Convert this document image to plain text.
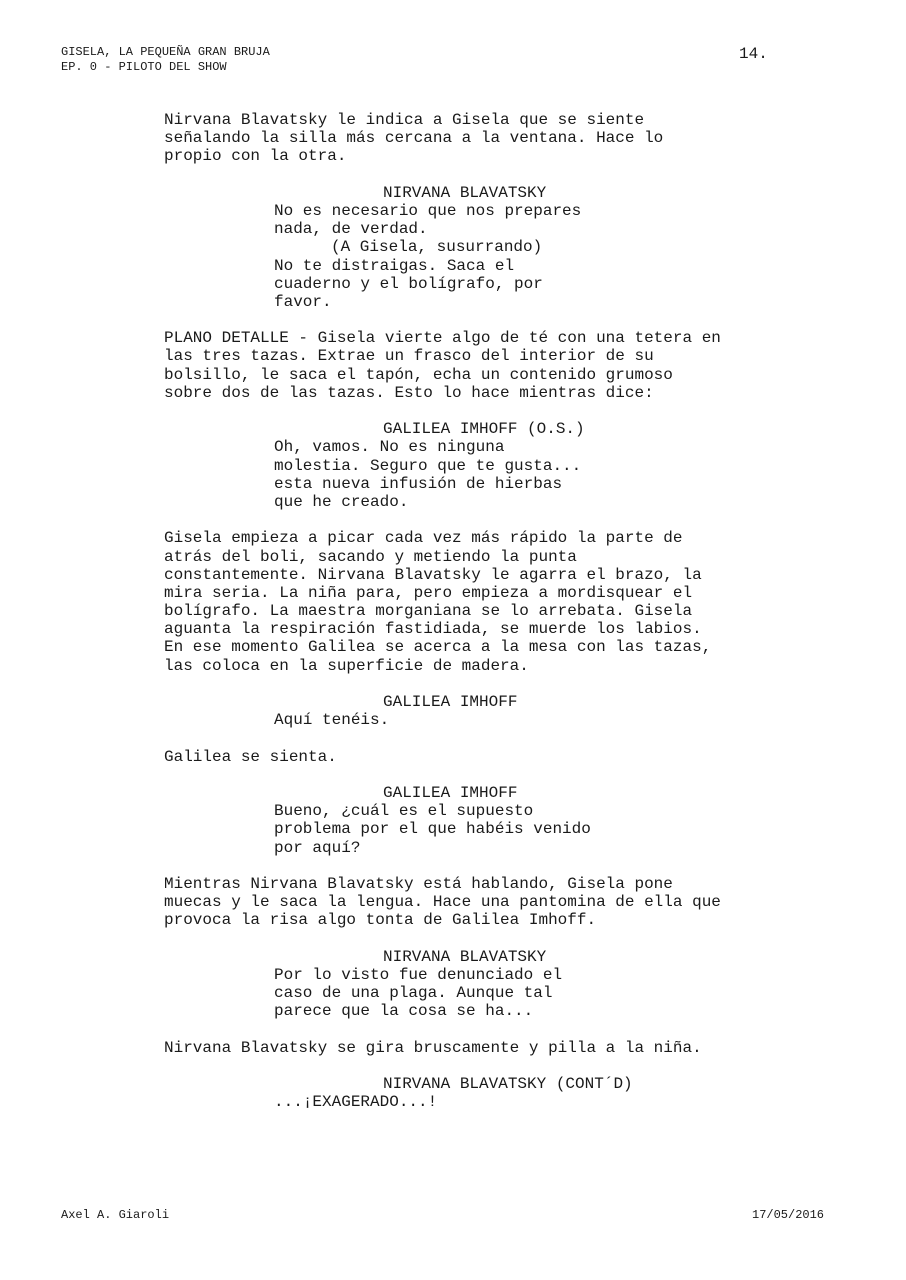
GISELA, LA PEQUEÑA GRAN BRUJA
EP. 0 - PILOTO DEL SHOW
14.
Nirvana Blavatsky le indica a Gisela que se siente
señalando la silla más cercana a la ventana. Hace lo
propio con la otra.
NIRVANA BLAVATSKY
No es necesario que nos prepares
nada, de verdad.
(A Gisela, susurrando)
No te distraigas. Saca el
cuaderno y el bolígrafo, por
favor.
PLANO DETALLE - Gisela vierte algo de té con una tetera en
las tres tazas. Extrae un frasco del interior de su
bolsillo, le saca el tapón, echa un contenido grumoso
sobre dos de las tazas. Esto lo hace mientras dice:
GALILEA IMHOFF (O.S.)
Oh, vamos. No es ninguna
molestia. Seguro que te gusta...
esta nueva infusión de hierbas
que he creado.
Gisela empieza a picar cada vez más rápido la parte de
atrás del boli, sacando y metiendo la punta
constantemente. Nirvana Blavatsky le agarra el brazo, la
mira seria. La niña para, pero empieza a mordisquear el
bolígrafo. La maestra morganiana se lo arrebata. Gisela
aguanta la respiración fastidiada, se muerde los labios.
En ese momento Galilea se acerca a la mesa con las tazas,
las coloca en la superficie de madera.
GALILEA IMHOFF
Aquí tenéis.
Galilea se sienta.
GALILEA IMHOFF
Bueno, ¿cuál es el supuesto
problema por el que habéis venido
por aquí?
Mientras Nirvana Blavatsky está hablando, Gisela pone
muecas y le saca la lengua. Hace una pantomina de ella que
provoca la risa algo tonta de Galilea Imhoff.
NIRVANA BLAVATSKY
Por lo visto fue denunciado el
caso de una plaga. Aunque tal
parece que la cosa se ha...
Nirvana Blavatsky se gira bruscamente y pilla a la niña.
NIRVANA BLAVATSKY (CONT´D)
...¡EXAGERADO...!
Axel A. Giaroli	17/05/2016
